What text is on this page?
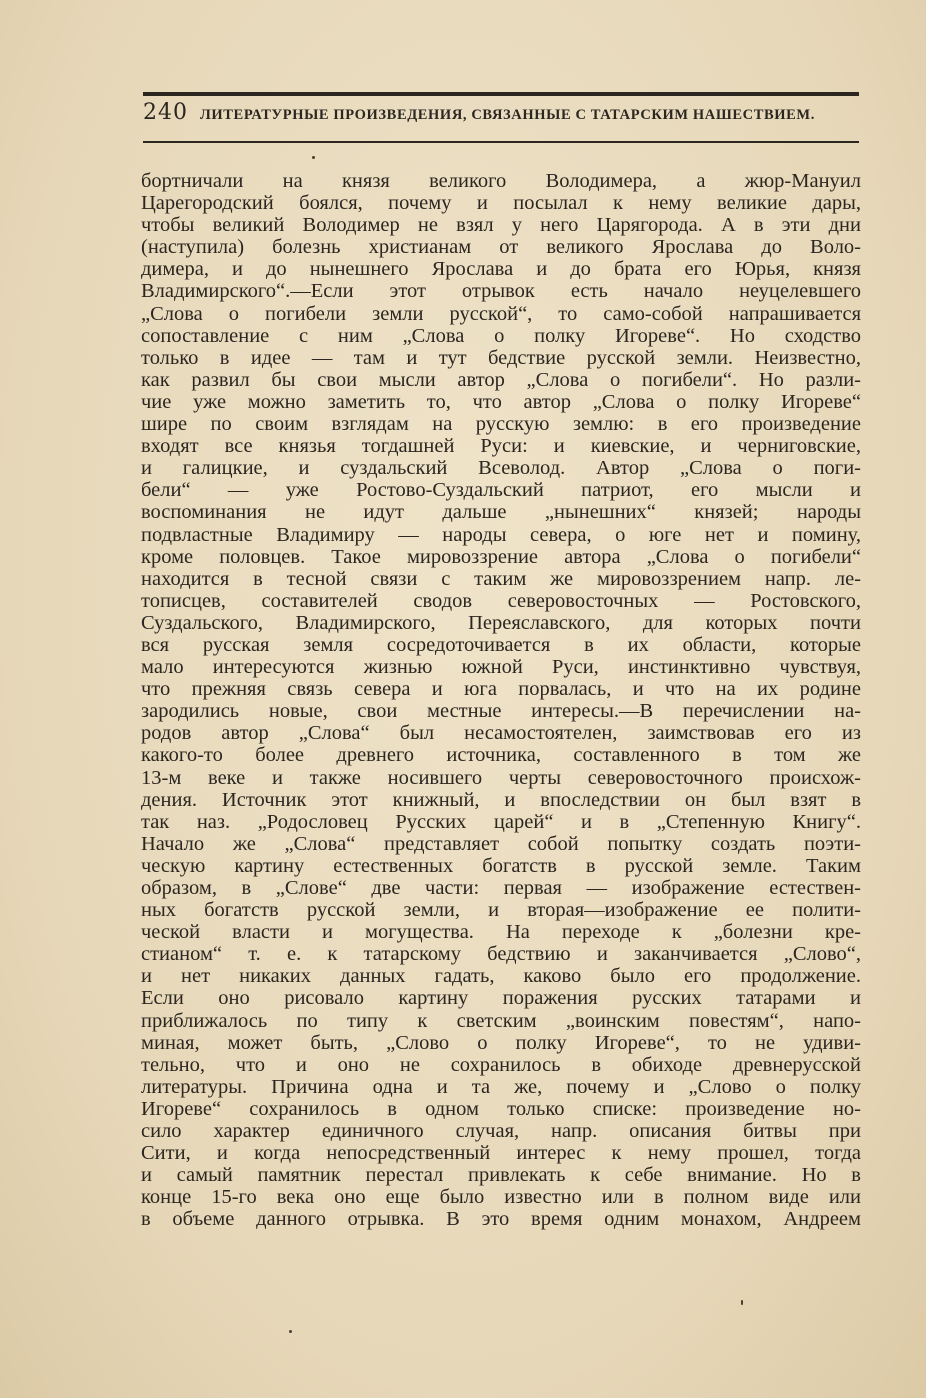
240 ЛИТЕРАТУРНЫЕ ПРОИЗВЕДЕНИЯ, СВЯЗАННЫЕ С ТАТАРСКИМ НАШЕСТВИЕМ.
бортничали на князя великого Володимера, а жюр-Мануил
Царегородский боялся, почему и посылал к нему великие дары,
чтобы великий Володимер не взял у него Царягорода. А в эти дни
(наступила) болезнь христианам от великого Ярослава до Воло-
димера, и до нынешнего Ярослава и до брата его Юрья, князя
Владимирского“.—Если этот отрывок есть начало неуцелевшего
„Слова о погибели земли русской“, то само-собой напрашивается
сопоставление с ним „Слова о полку Игореве“. Но сходство
только в идее — там и тут бедствие русской земли. Неизвестно,
как развил бы свои мысли автор „Слова о погибели“. Но разли-
чие уже можно заметить то, что автор „Слова о полку Игореве“
шире по своим взглядам на русскую землю: в его произведение
входят все князья тогдашней Руси: и киевские, и черниговские,
и галицкие, и суздальский Всеволод. Автор „Слова о поги-
бели“ — уже Ростово-Суздальский патриот, его мысли и
воспоминания не идут дальше „нынешних“ князей; народы
подвластные Владимиру — народы севера, о юге нет и помину,
кроме половцев. Такое мировоззрение автора „Слова о погибели“
находится в тесной связи с таким же мировоззрением напр. ле-
тописцев, составителей сводов северовосточных — Ростовского,
Суздальского, Владимирского, Переяславского, для которых почти
вся русская земля сосредоточивается в их области, которые
мало интересуются жизнью южной Руси, инстинктивно чувствуя,
что прежняя связь севера и юга порвалась, и что на их родине
зародились новые, свои местные интересы.—В перечислении на-
родов автор „Слова“ был несамостоятелен, заимствовав его из
какого-то более древнего источника, составленного в том же
13-м веке и также носившего черты северовосточного происхож-
дения. Источник этот книжный, и впоследствии он был взят в
так наз. „Родословец Русских царей“ и в „Степенную Книгу“.
Начало же „Слова“ представляет собой попытку создать поэти-
ческую картину естественных богатств в русской земле. Таким
образом, в „Слове“ две части: первая — изображение естествен-
ных богатств русской земли, и вторая—изображение ее полити-
ческой власти и могущества. На переходе к „болезни кре-
стианом“ т. е. к татарскому бедствию и заканчивается „Слово“,
и нет никаких данных гадать, каково было его продолжение.
Если оно рисовало картину поражения русских татарами и
приближалось по типу к светским „воинским повестям“, напо-
миная, может быть, „Слово о полку Игореве“, то не удиви-
тельно, что и оно не сохранилось в обиходе древнерусской
литературы. Причина одна и та же, почему и „Слово о полку
Игореве“ сохранилось в одном только списке: произведение но-
сило характер единичного случая, напр. описания битвы при
Сити, и когда непосредственный интерес к нему прошел, тогда
и самый памятник перестал привлекать к себе внимание. Но в
конце 15-го века оно еще было известно или в полном виде или
в объеме данного отрывка. В это время одним монахом, Андреем
